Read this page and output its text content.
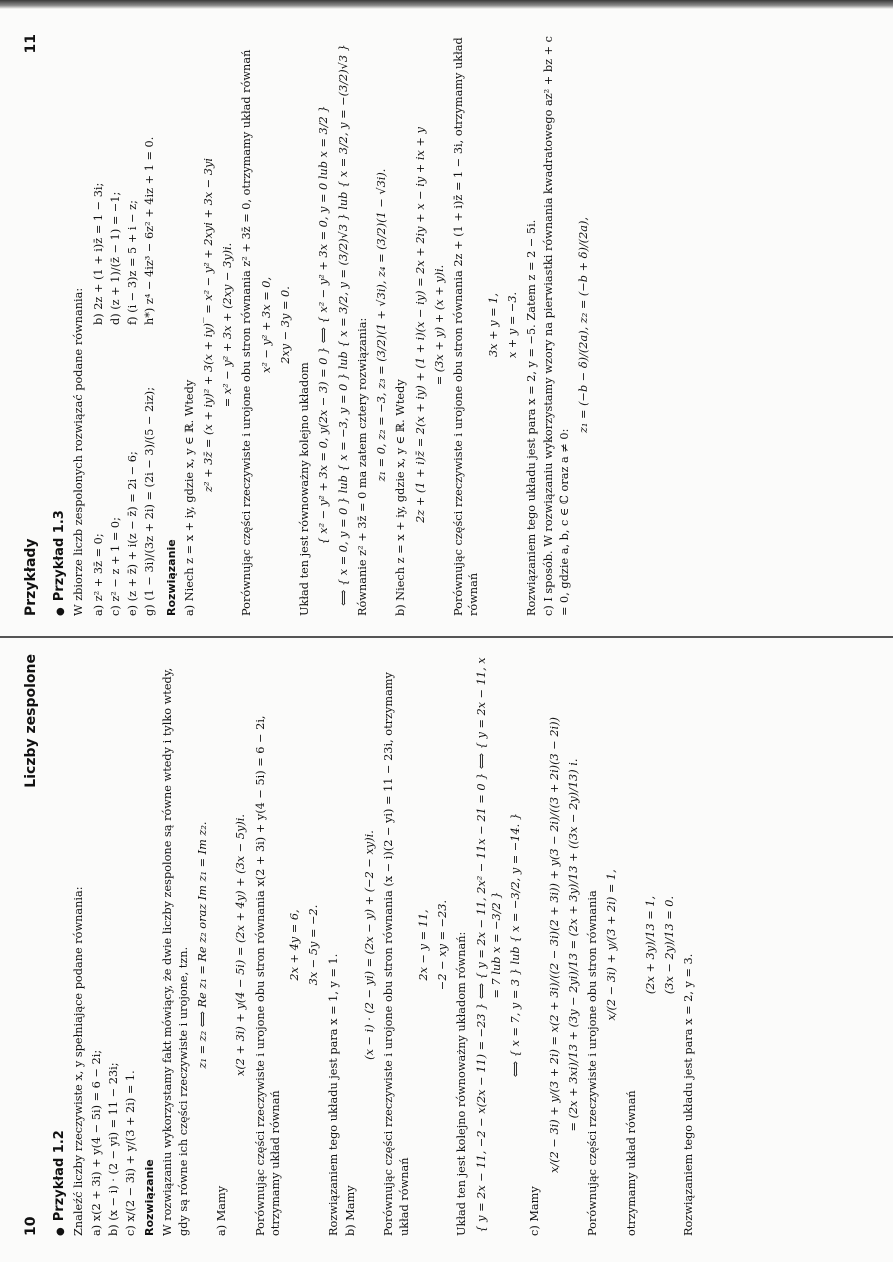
Przykłady
11
● Przykład 1.3 W zbiorze liczb zespolonych rozwiązać podane równania: a) z² + 3z̄ = 0; c) z² − z + 1 = 0; e) (z + z̄) + i(z − z̄) = 2i − 6; g) (1 − 3i)/(3z + 2i) = (2i − 3)/(5 − 2iz);

b) 2z + (1 + i)z̄ = 1 − 3i; d) (z + 1)/(z̄ − 1) = −1; f) (i − 3)z = 5 + i − z; h*) z⁴ − 4iz³ − 6z² + 4iz + 1 = 0.

Rozwiązanie a) Niech z = x + iy, gdzie x, y ∈ ℝ. Wtedy

z² + 3z̄ = (x + iy)² + 3(x + iy)‾ = x² − y² + 2xyi + 3x − 3yi = x² − y² + 3x + (2xy − 3y)i. Porównując części rzeczywiste i urojone obu stron równania z² + 3z̄ = 0, otrzymamy układ równań x² − y² + 3x = 0, 2xy − 3y = 0.

Układ ten jest równoważny kolejno układom { x² − y² + 3x = 0, y(2x − 3) = 0 } ⟺ { x² − y² + 3x = 0, y = 0 lub x = 3/2 } ⟺ { x = 0, y = 0 } lub { x = −3, y = 0 } lub { x = 3/2, y = (3/2)√3 } lub { x = 3/2, y = −(3/2)√3 } Równanie z² + 3z̄ = 0 ma zatem cztery rozwiązania: z₁ = 0, z₂ = −3, z₃ = (3/2)(1 + √3i), z₄ = (3/2)(1 − √3i).

b) Niech z = x + iy, gdzie x, y ∈ ℝ. Wtedy 2z + (1 + i)z̄ = 2(x + iy) + (1 + i)(x − iy) = 2x + 2iy + x − iy + ix + y = (3x + y) + (x + y)i. Porównując części rzeczywiste i urojone obu stron równania 2z + (1 + i)z̄ = 1 − 3i, otrzymamy układ równań

3x + y = 1, x + y = −3. Rozwiązaniem tego układu jest para x = 2, y = −5. Zatem z = 2 − 5i. c) I sposób. W rozwiązaniu wykorzystamy wzory na pierwiastki równania kwadratowego az² + bz + c = 0, gdzie a, b, c ∈ ℂ oraz a ≠ 0:

z₁ = (−b − δ)/(2a), z₂ = (−b + δ)/(2a),
10
Liczby zespolone
● Przykład 1.2 Znaleźć liczby rzeczywiste x, y spełniające podane równania: a) x(2 + 3i) + y(4 − 5i) = 6 − 2i; b) (x − i) · (2 − yi) = 11 − 23i; c) x/(2 − 3i) + y/(3 + 2i) = 1. Rozwiązanie W rozwiązaniu wykorzystamy fakt mówiący, że dwie liczby zespolone są równe wtedy i tylko wtedy, gdy są równe ich części rzeczywiste i urojone, tzn.

z₁ = z₂ ⟺ Re z₁ = Re z₂ oraz Im z₁ = Im z₂.

a) Mamy

x(2 + 3i) + y(4 − 5i) = (2x + 4y) + (3x − 5y)i. Porównując części rzeczywiste i urojone obu stron równania x(2 + 3i) + y(4 − 5i) = 6 − 2i, otrzymamy układ równań

2x + 4y = 6, 3x − 5y = −2.

Rozwiązaniem tego układu jest para x = 1, y = 1. b) Mamy

(x − i) · (2 − yi) = (2x − y) + (−2 − xy)i. Porównując części rzeczywiste i urojone obu stron równania (x − i)(2 − yi) = 11 − 23i, otrzymamy układ równań

2x − y = 11, −2 − xy = −23. Układ ten jest kolejno równoważny układom równań: { y = 2x − 11, −2 − x(2x − 11) = −23 } ⟺ { y = 2x − 11, 2x² − 11x − 21 = 0 } ⟺ { y = 2x − 11, x = 7 lub x = −3/2 } ⟺ { x = 7, y = 3 } lub { x = −3/2, y = −14. }

c) Mamy

x/(2 − 3i) + y/(3 + 2i) = x(2 + 3i)/((2 − 3i)(2 + 3i)) + y(3 − 2i)/((3 + 2i)(3 − 2i)) = (2x + 3xi)/13 + (3y − 2yi)/13 = (2x + 3y)/13 + ((3x − 2y)/13) i. Porównując części rzeczywiste i urojone obu stron równania x/(2 − 3i) + y/(3 + 2i) = 1,

otrzymamy układ równań

(2x + 3y)/13 = 1, (3x − 2y)/13 = 0.

Rozwiązaniem tego układu jest para x = 2, y = 3.
